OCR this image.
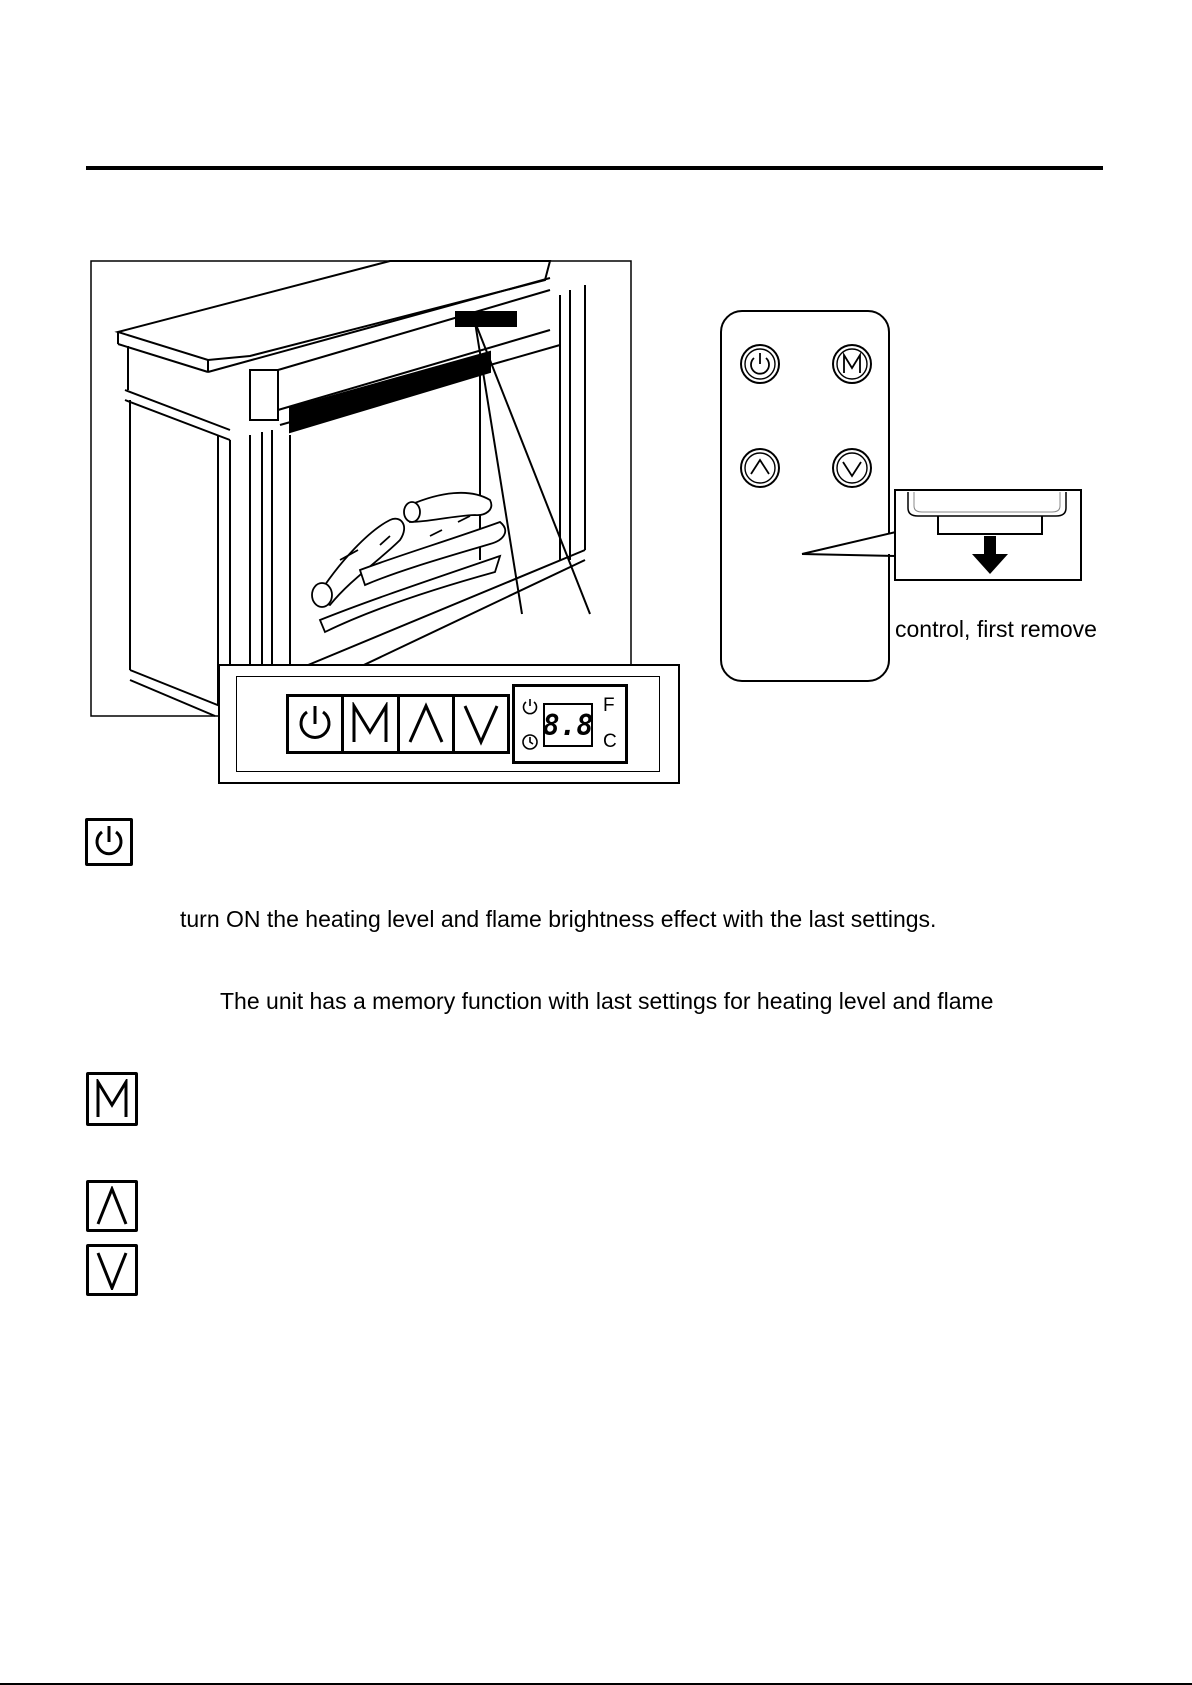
8.8
F
C
control, first remove
turn ON the heating level and flame brightness effect with the last settings.
The unit has a memory function with last settings for heating level and flame
